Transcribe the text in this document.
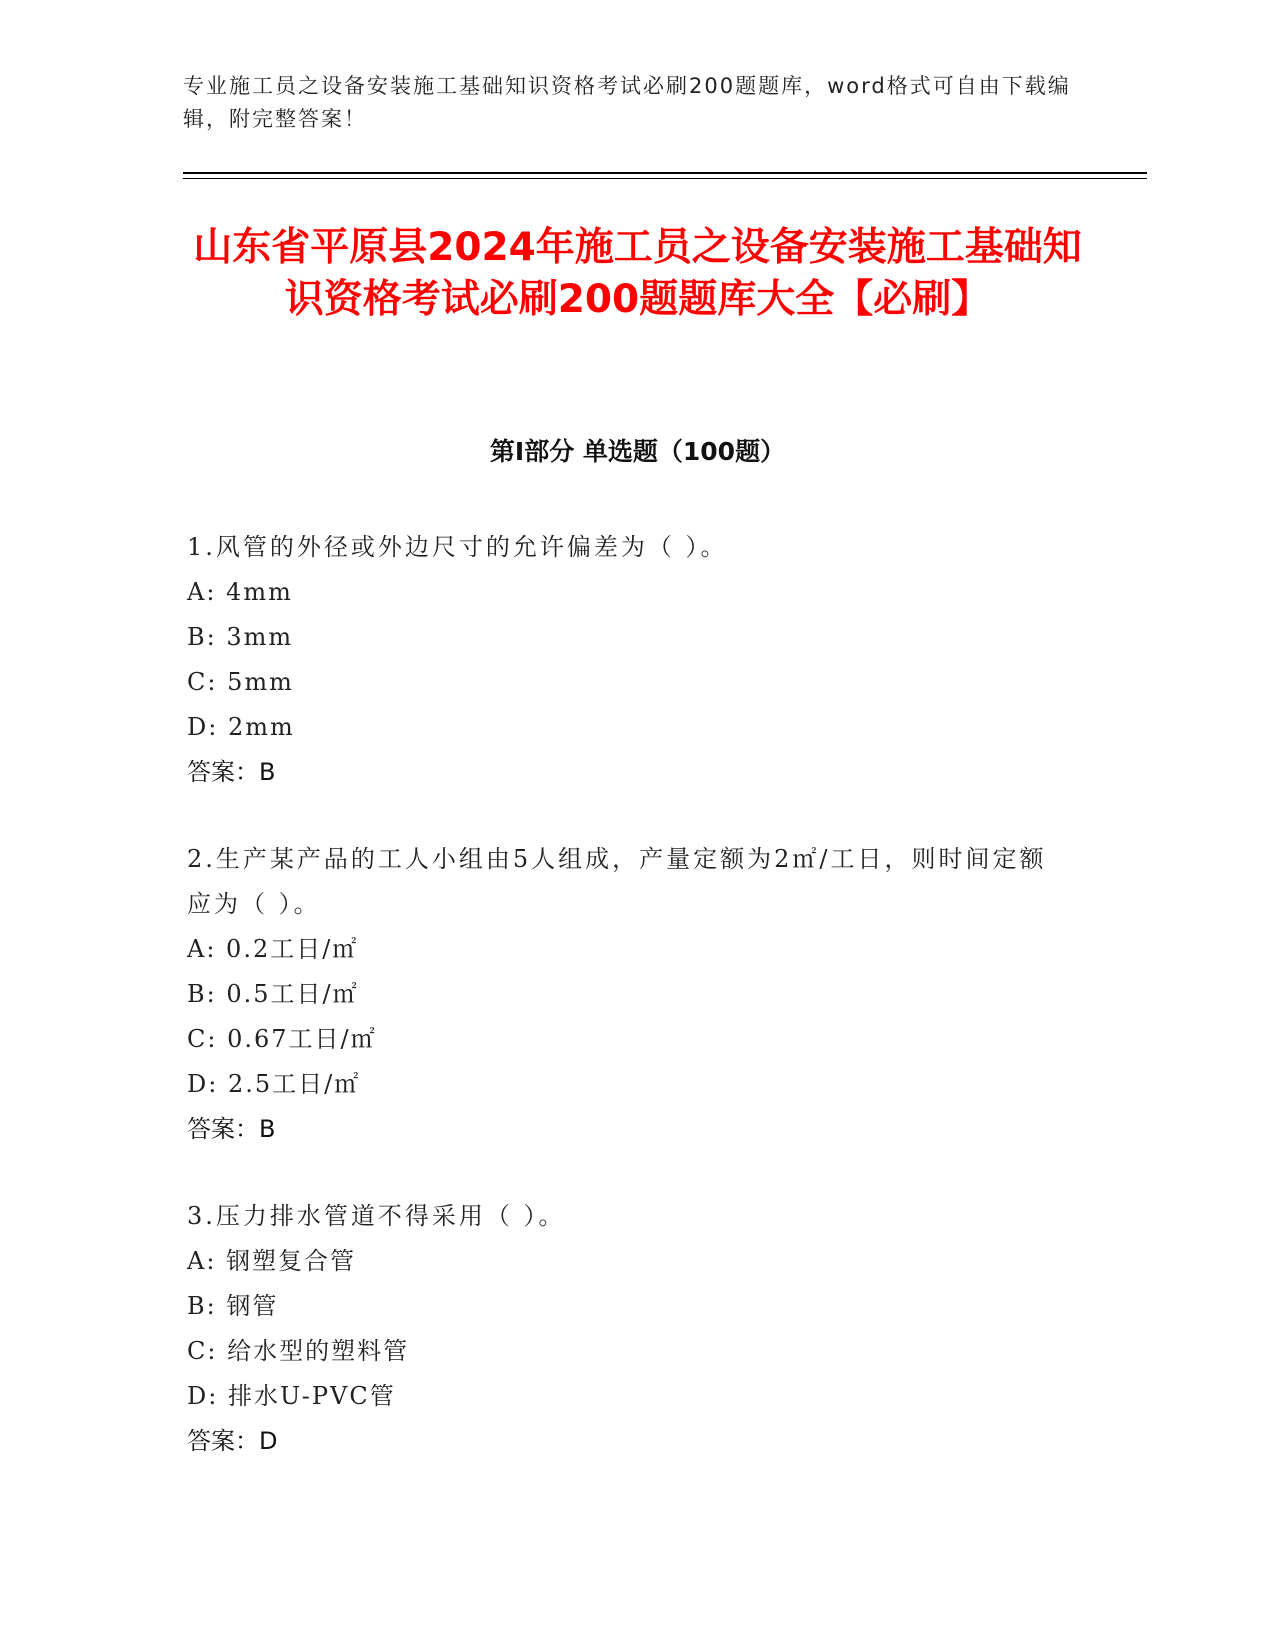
专业施工员之设备安装施工基础知识资格考试必刷200题题库，word格式可自由下载编辑，附完整答案！
山东省平原县2024年施工员之设备安装施工基础知识资格考试必刷200题题库大全【必刷】
第Ⅰ部分 单选题（100题）

1.风管的外径或外边尺寸的允许偏差为（ ）。

A: 4mm

B: 3mm

C: 5mm

D: 2mm

答案：B

2.生产某产品的工人小组由5人组成，产量定额为2㎡/工日，则时间定额应为（ ）。

A: 0.2工日/㎡

B: 0.5工日/㎡

C: 0.67工日/㎡

D: 2.5工日/㎡

答案：B

3.压力排水管道不得采用（ ）。

A: 钢塑复合管

B: 钢管

C: 给水型的塑料管

D: 排水U-PVC管

答案：D
